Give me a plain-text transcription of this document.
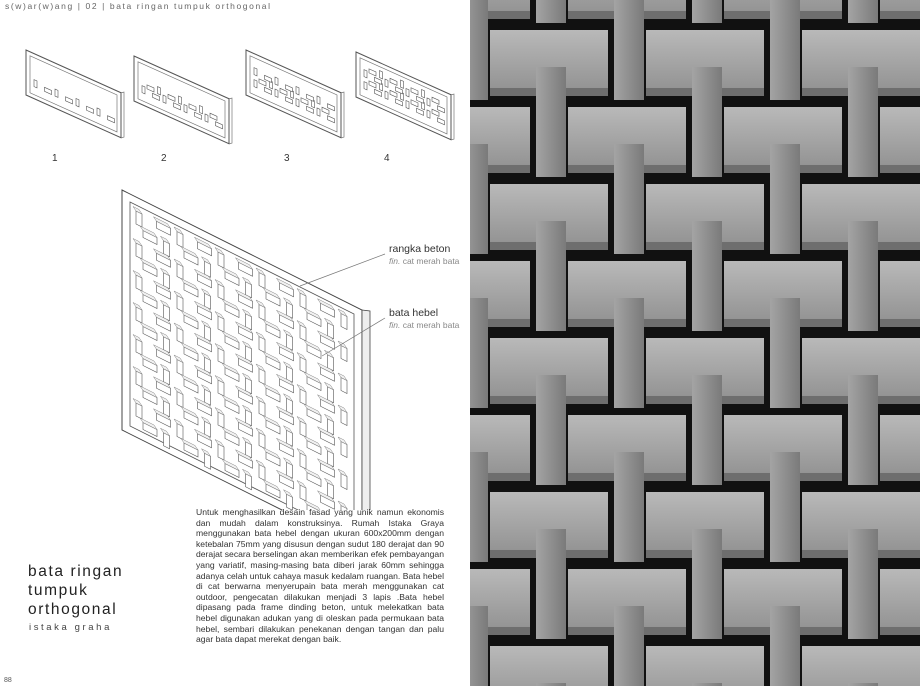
s(w)ar(w)ang | 02 | bata ringan tumpuk orthogonal
1	2	3	4
rangka beton
fin. cat merah bata
bata hebel
fin. cat merah bata

Untuk menghasilkan desain fasad yang unik namun ekonomis dan mudah dalam konstruksinya. Rumah Istaka Graya menggunakan bata hebel dengan ukuran 600x200mm dengan ketebalan 75mm yang disusun dengan sudut 180 derajat dan 90 derajat secara berselingan akan memberikan efek pembayangan yang variatif, masing-masing bata diberi jarak 60mm sehingga adanya celah untuk cahaya masuk kedalam ruangan. Bata hebel di cat berwarna menyerupain bata merah menggunakan cat outdoor, pengecatan dilakukan menjadi 3 lapis .Bata hebel dipasang pada frame dinding beton, untuk melekatkan bata hebel digunakan adukan yang di oleskan pada permukaan bata hebel, sembari dilakukan penekanan dengan tangan dan palu agar bata dapat merekat dengan baik.

bata ringan
tumpuk
orthogonal
istaka graha
88
